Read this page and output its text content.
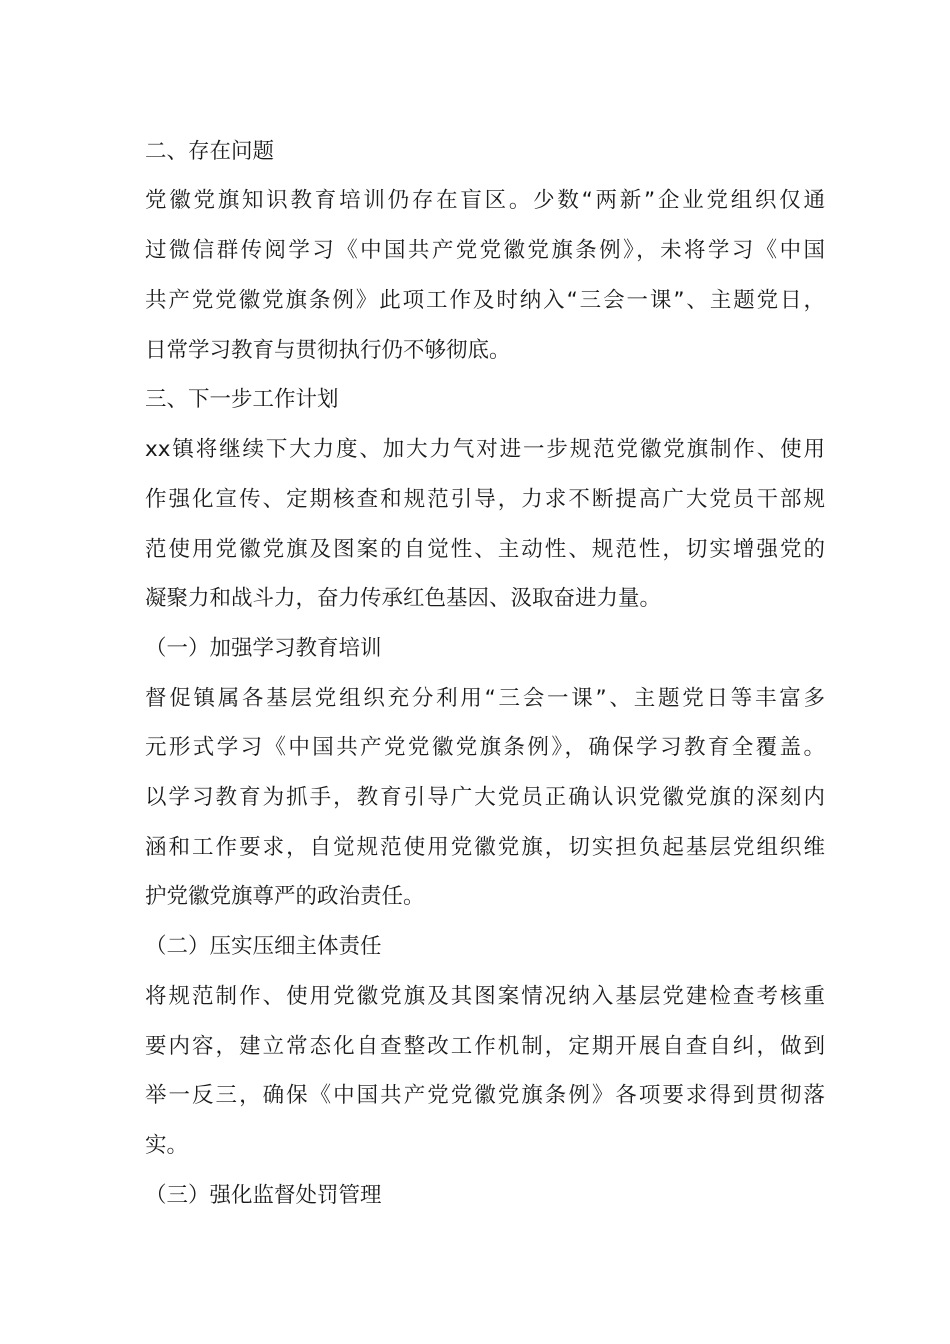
二、存在问题
党徽党旗知识教育培训仍存在盲区。少数“两新”企业党组织仅通
过微信群传阅学习《中国共产党党徽党旗条例》，未将学习《中国
共产党党徽党旗条例》此项工作及时纳入“三会一课”、主题党日，
日常学习教育与贯彻执行仍不够彻底。
三、下一步工作计划
xx镇将继续下大力度、加大力气对进一步规范党徽党旗制作、使用
作强化宣传、定期核查和规范引导，力求不断提高广大党员干部规
范使用党徽党旗及图案的自觉性、主动性、规范性，切实增强党的
凝聚力和战斗力，奋力传承红色基因、汲取奋进力量。
（一）加强学习教育培训
督促镇属各基层党组织充分利用“三会一课”、主题党日等丰富多
元形式学习《中国共产党党徽党旗条例》，确保学习教育全覆盖。
以学习教育为抓手，教育引导广大党员正确认识党徽党旗的深刻内
涵和工作要求，自觉规范使用党徽党旗，切实担负起基层党组织维
护党徽党旗尊严的政治责任。
（二）压实压细主体责任
将规范制作、使用党徽党旗及其图案情况纳入基层党建检查考核重
要内容，建立常态化自查整改工作机制，定期开展自查自纠，做到
举一反三，确保《中国共产党党徽党旗条例》各项要求得到贯彻落
实。
（三）强化监督处罚管理
